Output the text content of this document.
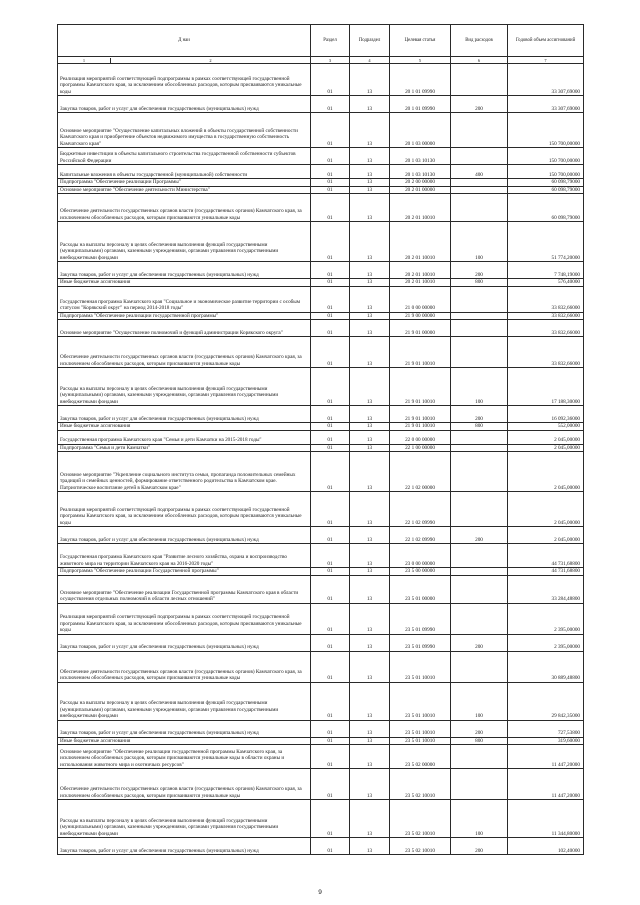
Д наи	Раздел	Подраздел	Целевая статья	Вид расходов	Годовой объем ассигнований

1 2	3	4	5	6	7
Реализация мероприятий соответствующей подпрограммы в рамках соответствующей государственной программы Камчатского края, за исключением обособленных расходов, которым присваиваются уникальные коды	01	13	20 1 01 09990		33 307,69000
Закупка товаров, работ и услуг для обеспечения государственных (муниципальных) нужд	01	13	20 1 01 09990	200	33 307,69000
Основное мероприятие "Осуществление капитальных вложений в объекты государственной собственности Камчатского края и приобретение объектов недвижимого имущества в государственную собственность Камчатского края"	01	13	20 1 03 00000		150 700,00000
Бюджетные инвестиции в объекты капитального строительства государственной собственности субъектов Российской Федерации	01	13	20 1 03 10130		150 700,00000
Капитальные вложения в объекты государственной (муниципальной) собственности	01	13	20 1 03 10130	400	150 700,00000
Подпрограмма "Обеспечение реализации Программы"	01	13	20 2 00 00000		60 098,79000
Основное мероприятие "Обеспечение деятельности Министерства"	01	13	20 2 01 00000		60 098,79000
Обеспечение деятельности государственных органов власти (государственных органов) Камчатского края, за исключением обособленных расходов, которым присваиваются уникальные коды	01	13	20 2 01 10010		60 098,79000
Расходы на выплаты персоналу в целях обеспечения выполнения функций государственными (муниципальными) органами, казенными учреждениями, органами управления государственными внебюджетными фондами	01	13	20 2 01 10010	100	51 774,20000
Закупка товаров, работ и услуг для обеспечения государственных (муниципальных) нужд	01	13	20 2 01 10010	200	7 748,19000
Иные бюджетные ассигнования	01	13	20 2 01 10010	800	576,40000
Государственная программа Камчатского края "Социальное и экономическое развитие территории с особым статусом "Корякский округ" на период 2014-2018 годы"	01	13	21 0 00 00000		33 832,66000
Подпрограмма "Обеспечение реализации государственной программы"	01	13	21 9 00 00000		33 832,66000
Основное мероприятие "Осуществление полномочий и функций администрации Корякского округа"	01	13	21 9 01 00000		33 832,66000
Обеспечение деятельности государственных органов власти (государственных органов) Камчатского края, за исключением обособленных расходов, которым присваиваются уникальные коды	01	13	21 9 01 10010		33 832,66000
Расходы на выплаты персоналу в целях обеспечения выполнения функций государственными (муниципальными) органами, казенными учреждениями, органами управления государственными внебюджетными фондами	01	13	21 9 01 10010	100	17 188,30000
Закупка товаров, работ и услуг для обеспечения государственных (муниципальных) нужд	01	13	21 9 01 10010	200	16 092,36000
Иные бюджетные ассигнования	01	13	21 9 01 10010	800	552,00000
Государственная программа Камчатского края "Семья и дети Камчатки на 2015-2018 годы"	01	13	22 0 00 00000		2 045,00000
Подпрограмма "Семья и дети Камчатки"	01	13	22 1 00 00000		2 045,00000
Основное мероприятие "Укрепление социального института семьи, пропаганда положительных семейных традиций и семейных ценностей, формирование ответственного родительства в Камчатском крае. Патриотическое воспитание детей в Камчатском крае"	01	13	22 1 02 00000		2 045,00000
Реализация мероприятий соответствующей подпрограммы в рамках соответствующей государственной программы Камчатского края, за исключением обособленных расходов, которым присваиваются уникальные коды	01	13	22 1 02 09990		2 045,00000
Закупка товаров, работ и услуг для обеспечения государственных (муниципальных) нужд	01	13	22 1 02 09990	200	2 045,00000
Государственная программа Камчатского края "Развитие лесного хозяйства, охрана и воспроизводство животного мира на территории Камчатского края на 2016-2020 годы"	01	13	23 0 00 00000		44 731,68800
Подпрограмма "Обеспечение реализации Государственной программы"	01	13	23 5 00 00000		44 731,68800
Основное мероприятие "Обеспечение реализации Государственной программы Камчатского края в области осуществления отдельных полномочий в области лесных отношений"	01	13	23 5 01 00000		33 284,48800
Реализация мероприятий соответствующей подпрограммы в рамках соответствующей государственной программы Камчатского края, за исключением обособленных расходов, которым присваиваются уникальные коды	01	13	23 5 01 09990		2 395,00000
Закупка товаров, работ и услуг для обеспечения государственных (муниципальных) нужд	01	13	23 5 01 09990	200	2 395,00000
Обеспечение деятельности государственных органов власти (государственных органов) Камчатского края, за исключением обособленных расходов, которым присваиваются уникальные коды	01	13	23 5 01 10010		30 889,48800
Расходы на выплаты персоналу в целях обеспечения выполнения функций государственными (муниципальными) органами, казенными учреждениями, органами управления государственными внебюджетными фондами	01	13	23 5 01 10010	100	29 842,35000
Закупка товаров, работ и услуг для обеспечения государственных (муниципальных) нужд	01	13	23 5 01 10010	200	727,53800
Иные бюджетные ассигнования	01	13	23 5 01 10010	800	319,60000
Основное мероприятие "Обеспечение реализации государственной программы Камчатского края, за исключением обособленных расходов, которым присваиваются уникальные коды в области охраны и использования животного мира и охотничьих ресурсов"	01	13	23 5 02 00000		11 447,20000
Обеспечение деятельности государственных органов власти (государственных органов) Камчатского края, за исключением обособленных расходов, которым присваиваются уникальные коды	01	13	23 5 02 10010		11 447,20000
Расходы на выплаты персоналу в целях обеспечения выполнения функций государственными (муниципальными) органами, казенными учреждениями, органами управления государственными внебюджетными фондами	01	13	23 5 02 10010	100	11 344,80000
Закупка товаров, работ и услуг для обеспечения государственных (муниципальных) нужд	01	13	23 5 02 10010	200	102,40000
9
